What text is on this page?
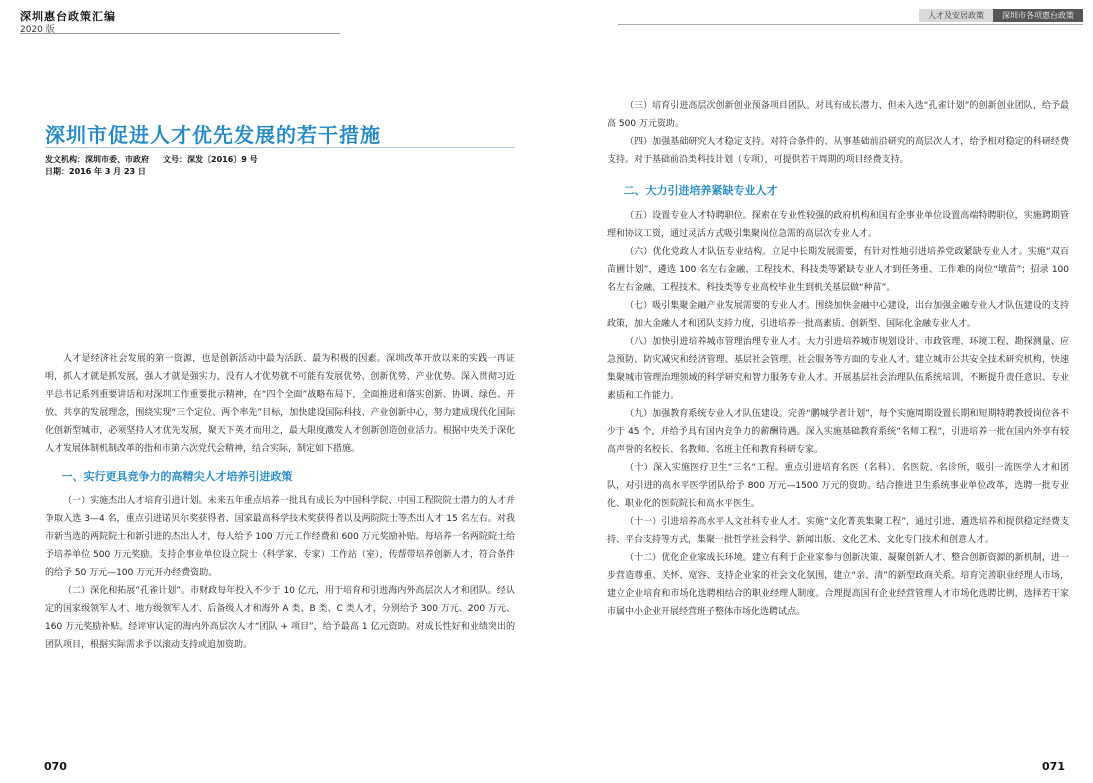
深圳惠台政策汇编
2020 版
深圳市促进人才优先发展的若干措施
发文机构：深圳市委、市政府 文号：深发〔2016〕9 号
日期：2016 年 3 月 23 日

人才是经济社会发展的第一资源，也是创新活动中最为活跃、最为积极的因素。深圳改革开放以来的实践一再证明，抓人才就是抓发展，强人才就是强实力，没有人才优势就不可能有发展优势、创新优势、产业优势。深入贯彻习近平总书记系列重要讲话和对深圳工作重要批示精神，在“四个全面”战略布局下，全面推进和落实创新、协调、绿色、开放、共享的发展理念，围绕实现“三个定位、两个率先”目标，加快建设国际科技、产业创新中心，努力建成现代化国际化创新型城市，必须坚持人才优先发展，聚天下英才而用之，最大限度激发人才创新创造创业活力。根据中央关于深化人才发展体制机制改革的指和市第六次党代会精神，结合实际，制定如下措施。

一、实行更具竞争力的高精尖人才培养引进政策

（一）实施杰出人才培育引进计划。未来五年重点培养一批具有成长为中国科学院、中国工程院院士潜力的人才并争取入选 3—4 名，重点引进诺贝尔奖获得者、国家最高科学技术奖获得者以及两院院士等杰出人才 15 名左右。对我市新当选的两院院士和新引进的杰出人才，每人给予 100 万元工作经费和 600 万元奖励补贴。每培养一名两院院士给予培养单位 500 万元奖励。支持企事业单位设立院士（科学家、专家）工作站（室），传帮带培养创新人才，符合条件的给予 50 万元—100 万元开办经费资助。

（二）深化和拓展“孔雀计划”。市财政每年投入不少于 10 亿元，用于培育和引进海内外高层次人才和团队。经认定的国家级领军人才、地方级领军人才、后备级人才和海外 A 类、B 类、C 类人才，分别给予 300 万元、200 万元、160 万元奖励补贴。经评审认定的海内外高层次人才“团队 + 项目”，给予最高 1 亿元资助。对成长性好和业绩突出的团队项目，根据实际需求予以滚动支持或追加资助。

070
人才及安居政策	深圳市各项惠台政策

（三）培育引进高层次创新创业预备项目团队。对具有成长潜力、但未入选“孔雀计划”的创新创业团队，给予最高 500 万元资助。

（四）加强基础研究人才稳定支持。对符合条件的、从事基础前沿研究的高层次人才，给予相对稳定的科研经费支持。对于基础前沿类科技计划（专项），可提供若干周期的项目经费支持。

二、大力引进培养紧缺专业人才

（五）设置专业人才特聘职位。探索在专业性较强的政府机构和国有企事业单位设置高端特聘职位，实施聘期管理和协议工资，通过灵活方式吸引集聚岗位急需的高层次专业人才。

（六）优化党政人才队伍专业结构。立足中长期发展需要，有针对性地引进培养党政紧缺专业人才。实施“双百苗圃计划”，遴选 100 名左右金融、工程技术、科技类等紧缺专业人才到任务重、工作难的岗位“墩苗”；招录 100 名左右金融、工程技术、科技类等专业高校毕业生到机关基层做“种苗”。

（七）吸引集聚金融产业发展需要的专业人才。围绕加快金融中心建设，出台加强金融专业人才队伍建设的支持政策，加大金融人才和团队支持力度，引进培养一批高素质、创新型、国际化金融专业人才。

（八）加快引进培养城市管理治理专业人才。大力引进培养城市规划设计、市政管理、环境工程、勘探测量、应急预防、防灾减灾和经济管理、基层社会管理、社会服务等方面的专业人才。建立城市公共安全技术研究机构，快速集聚城市管理治理领域的科学研究和智力服务专业人才。开展基层社会治理队伍系统培训，不断提升责任意识、专业素质和工作能力。

（九）加强教育系统专业人才队伍建设。完善“鹏城学者计划”，每个实施周期设置长期和短期特聘教授岗位各不少于 45 个，并给予具有国内竞争力的薪酬待遇。深入实施基础教育系统“名师工程”，引进培养一批在国内外享有较高声誉的名校长、名教师、名班主任和教育科研专家。

（十）深入实施医疗卫生“三名”工程。重点引进培育名医（名科）、名医院、名诊所，吸引一流医学人才和团队，对引进的高水平医学团队给予 800 万元—1500 万元的资助。结合推进卫生系统事业单位改革，选聘一批专业化、职业化的医院院长和高水平医生。

（十一）引进培养高水平人文社科专业人才。实施“文化菁英集聚工程”，通过引进、遴选培养和提供稳定经费支持、平台支持等方式，集聚一批哲学社会科学、新闻出版、文化艺术、文化专门技术和创意人才。

（十二）优化企业家成长环境。建立有利于企业家参与创新决策、凝聚创新人才、整合创新资源的新机制，进一步营造尊重、关怀、宽容、支持企业家的社会文化氛围，建立“亲、清”的新型政商关系。培育完善职业经理人市场，建立企业培育和市场化选聘相结合的职业经理人制度。合理提高国有企业经营管理人才市场化选聘比例，选择若干家市属中小企业开展经营班子整体市场化选聘试点。

071
